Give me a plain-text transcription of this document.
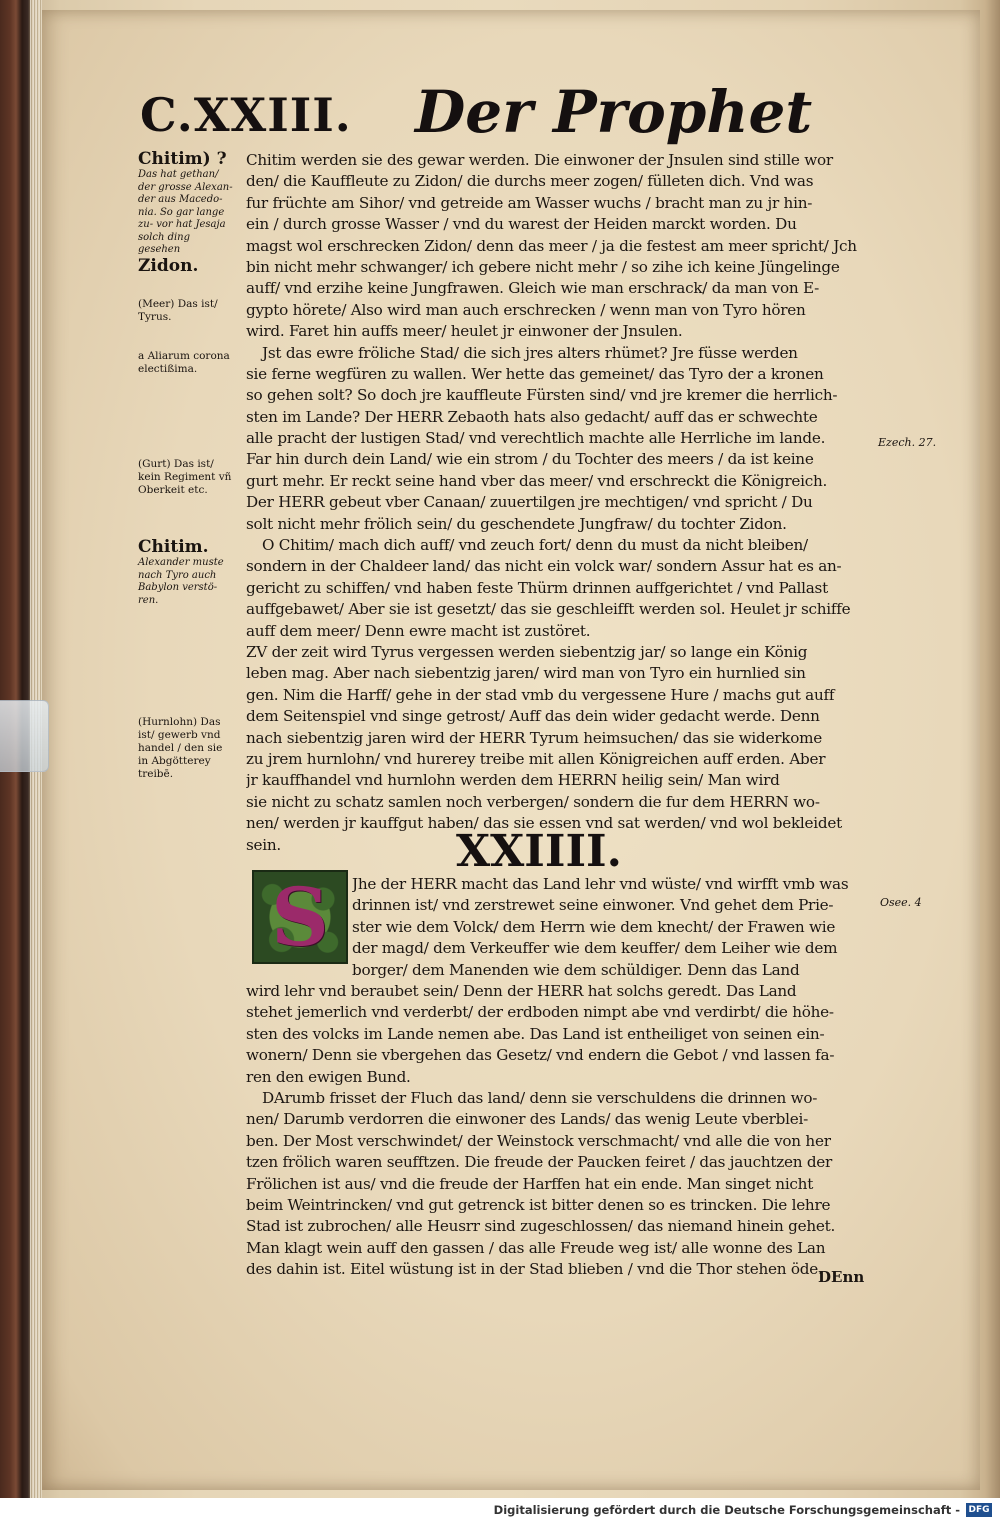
C.XXIII. Der Prophet
Chitim) ?
Das hat gethan/ der grosse Alexan- der aus Macedo- nia. So gar lange zu- vor hat Jesaja solch ding gesehen
Zidon.
(Meer) Das ist/ Tyrus.
a Aliarum corona electißima.
(Gurt) Das ist/ kein Regiment vñ Oberkeit etc.
Chitim.
Alexander muste nach Tyro auch Babylon verstö- ren.
(Hurnlohn) Das ist/ gewerb vnd handel / den sie in Abgötterey treibē.
Ezech. 27.
Osee. 4
Chitim werden sie des gewar werden. Die einwoner der Jnsulen sind stille wor
den/ die Kauffleute zu Zidon/ die durchs meer zogen/ fülleten dich. Vnd was
fur früchte am Sihor/ vnd getreide am Wasser wuchs / bracht man zu jr hin-
ein / durch grosse Wasser / vnd du warest der Heiden marckt worden. Du
magst wol erschrecken Zidon/ denn das meer / ja die festest am meer spricht/ Jch
bin nicht mehr schwanger/ ich gebere nicht mehr / so zihe ich keine Jüngelinge
auff/ vnd erzihe keine Jungfrawen. Gleich wie man erschrack/ da man von E-
gypto hörete/ Also wird man auch erschrecken / wenn man von Tyro hören
wird. Faret hin auffs meer/ heulet jr einwoner der Jnsulen.
Jst das ewre fröliche Stad/ die sich jres alters rhümet? Jre füsse werden
sie ferne wegfüren zu wallen. Wer hette das gemeinet/ das Tyro der a kronen
so gehen solt? So doch jre kauffleute Fürsten sind/ vnd jre kremer die herrlich-
sten im Lande? Der HERR Zebaoth hats also gedacht/ auff das er schwechte
alle pracht der lustigen Stad/ vnd verechtlich machte alle Herrliche im lande.
Far hin durch dein Land/ wie ein strom / du Tochter des meers / da ist keine
gurt mehr. Er reckt seine hand vber das meer/ vnd erschreckt die Königreich.
Der HERR gebeut vber Canaan/ zuuertilgen jre mechtigen/ vnd spricht / Du
solt nicht mehr frölich sein/ du geschendete Jungfraw/ du tochter Zidon.
O Chitim/ mach dich auff/ vnd zeuch fort/ denn du must da nicht bleiben/
sondern in der Chaldeer land/ das nicht ein volck war/ sondern Assur hat es an-
gericht zu schiffen/ vnd haben feste Thürm drinnen auffgerichtet / vnd Pallast
auffgebawet/ Aber sie ist gesetzt/ das sie geschleifft werden sol. Heulet jr schiffe
auff dem meer/ Denn ewre macht ist zustöret.
ZV der zeit wird Tyrus vergessen werden siebentzig jar/ so lange ein König
leben mag. Aber nach siebentzig jaren/ wird man von Tyro ein hurnlied sin
gen. Nim die Harff/ gehe in der stad vmb du vergessene Hure / machs gut auff
dem Seitenspiel vnd singe getrost/ Auff das dein wider gedacht werde. Denn
nach siebentzig jaren wird der HERR Tyrum heimsuchen/ das sie widerkome
zu jrem hurnlohn/ vnd hurerey treibe mit allen Königreichen auff erden. Aber
jr kauffhandel vnd hurnlohn werden dem HERRN heilig sein/ Man wird
sie nicht zu schatz samlen noch verbergen/ sondern die fur dem HERRN wo-
nen/ werden jr kauffgut haben/ das sie essen vnd sat werden/ vnd wol bekleidet
sein.	XXIIII.
S	Jhe der HERR macht das Land lehr vnd wüste/ vnd wirfft vmb was
drinnen ist/ vnd zerstrewet seine einwoner. Vnd gehet dem Prie-
ster wie dem Volck/ dem Herrn wie dem knecht/ der Frawen wie
der magd/ dem Verkeuffer wie dem keuffer/ dem Leiher wie dem
borger/ dem Manenden wie dem schüldiger. Denn das Land
wird lehr vnd beraubet sein/ Denn der HERR hat solchs geredt. Das Land
stehet jemerlich vnd verderbt/ der erdboden nimpt abe vnd verdirbt/ die höhe-
sten des volcks im Lande nemen abe. Das Land ist entheiliget von seinen ein-
wonern/ Denn sie vbergehen das Gesetz/ vnd endern die Gebot / vnd lassen fa-
ren den ewigen Bund.
DArumb frisset der Fluch das land/ denn sie verschuldens die drinnen wo-
nen/ Darumb verdorren die einwoner des Lands/ das wenig Leute vberblei-
ben. Der Most verschwindet/ der Weinstock verschmacht/ vnd alle die von her
tzen frölich waren seufftzen. Die freude der Paucken feiret / das jauchtzen der
Frölichen ist aus/ vnd die freude der Harffen hat ein ende. Man singet nicht
beim Weintrincken/ vnd gut getrenck ist bitter denen so es trincken. Die lehre
Stad ist zubrochen/ alle Heusrr sind zugeschlossen/ das niemand hinein gehet.
Man klagt wein auff den gassen / das alle Freude weg ist/ alle wonne des Lan
des dahin ist. Eitel wüstung ist in der Stad blieben / vnd die Thor stehen öde.
DEnn
Digitalisierung gefördert durch die Deutsche Forschungsgemeinschaft - DFG
